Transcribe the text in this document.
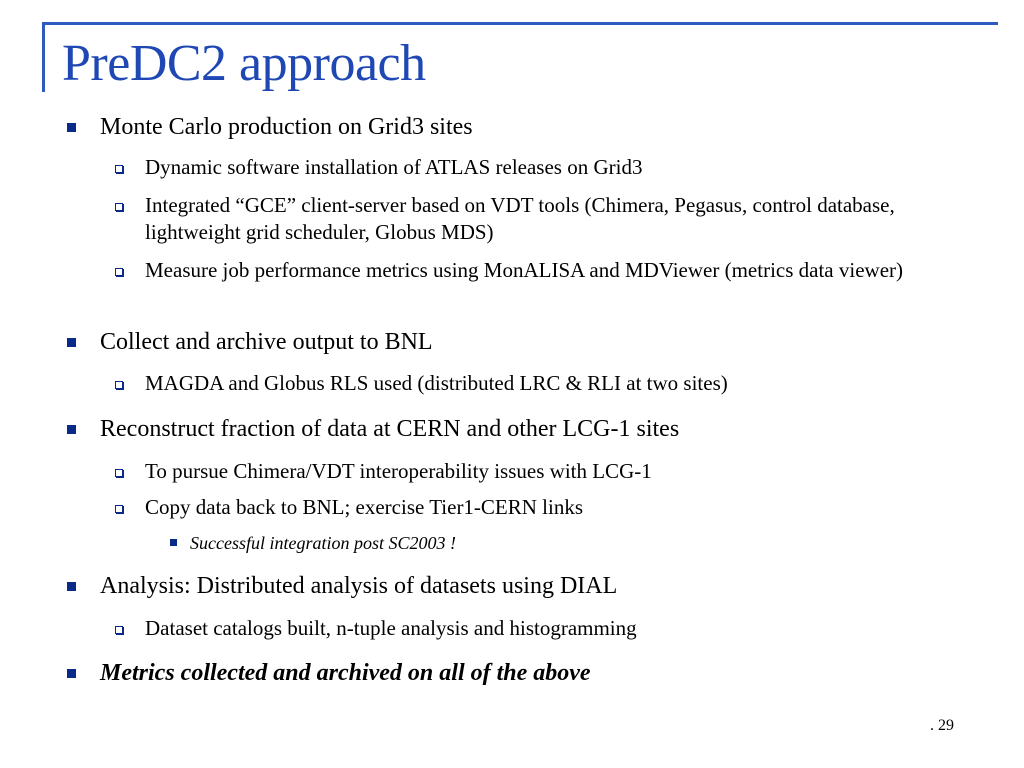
PreDC2 approach

Monte Carlo production on Grid3 sites

Dynamic software installation of ATLAS releases on Grid3

Integrated “GCE” client-server based on VDT tools (Chimera, Pegasus, control database, lightweight grid scheduler, Globus MDS)

Measure job performance metrics using MonALISA and MDViewer (metrics data viewer)

Collect and archive output to BNL

MAGDA and Globus RLS used (distributed LRC & RLI at two sites)

Reconstruct fraction of data at CERN and other LCG-1 sites

To pursue Chimera/VDT interoperability issues with LCG-1

Copy data back to BNL; exercise Tier1-CERN links

Successful integration post SC2003 !

Analysis: Distributed analysis of datasets using DIAL

Dataset catalogs built, n-tuple analysis and histogramming

Metrics collected and archived on all of the above

. 29
